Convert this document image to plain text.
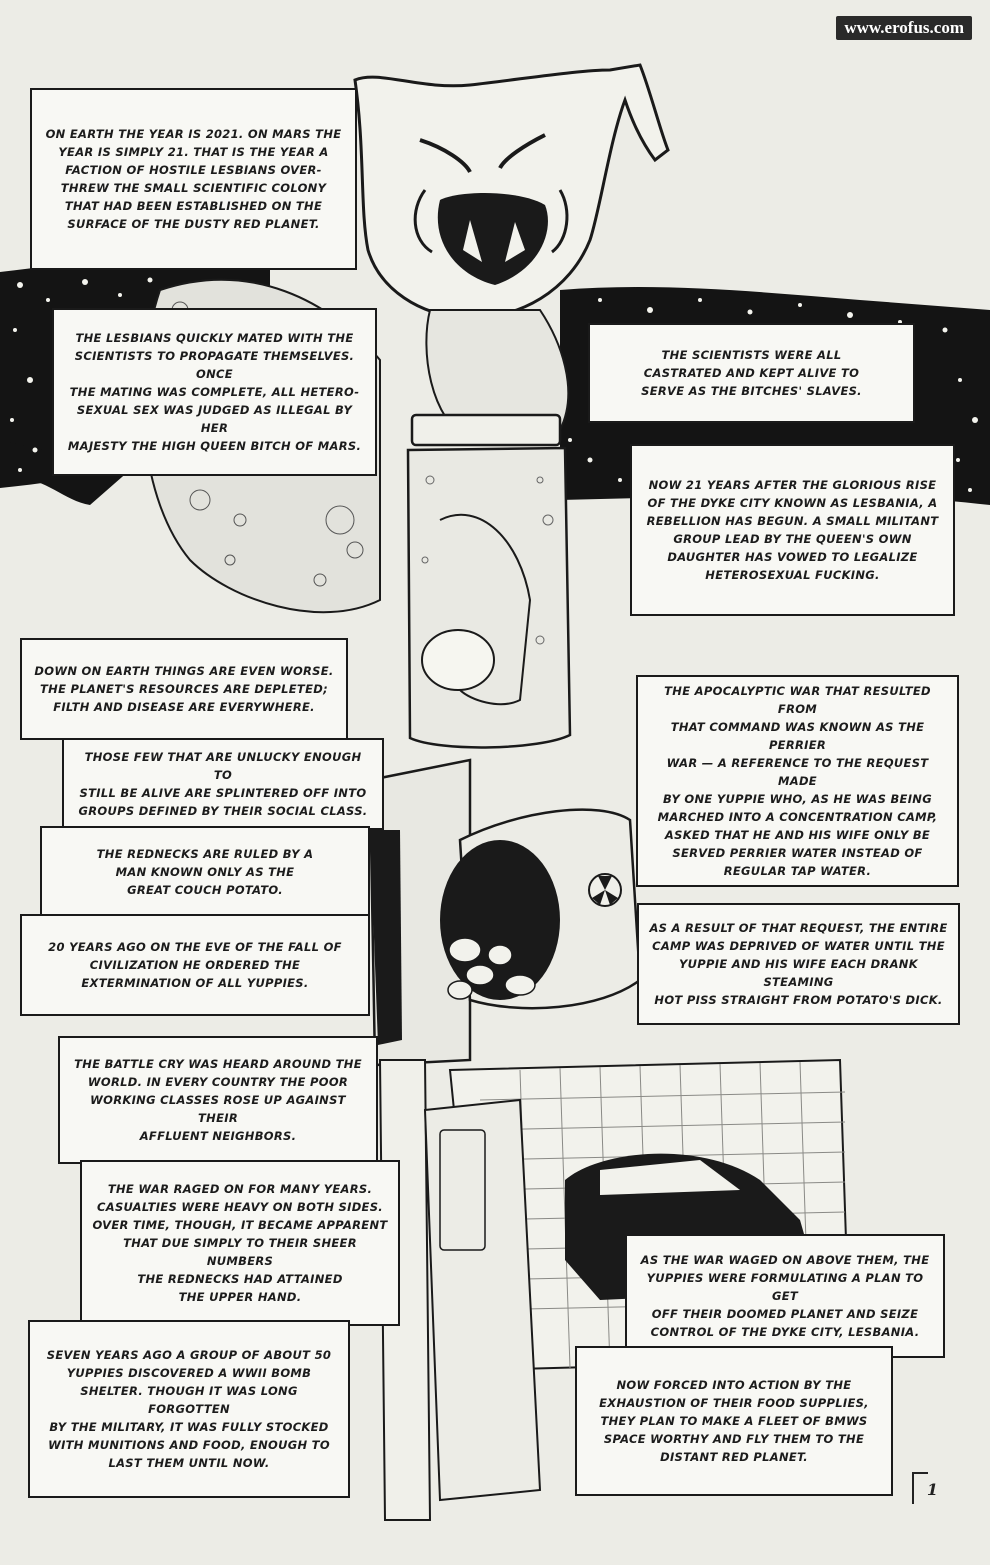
www.erofus.com

ON EARTH THE YEAR IS 2021. ON MARS THE
YEAR IS SIMPLY 21. THAT IS THE YEAR A
FACTION OF HOSTILE LESBIANS OVER-
THREW THE SMALL SCIENTIFIC COLONY
THAT HAD BEEN ESTABLISHED ON THE
SURFACE OF THE DUSTY RED PLANET.

THE LESBIANS QUICKLY MATED WITH THE
SCIENTISTS TO PROPAGATE THEMSELVES. ONCE
THE MATING WAS COMPLETE, ALL HETERO-
SEXUAL SEX WAS JUDGED AS ILLEGAL BY HER
MAJESTY THE HIGH QUEEN BITCH OF MARS.

THE SCIENTISTS WERE ALL
CASTRATED AND KEPT ALIVE TO
SERVE AS THE BITCHES' SLAVES.

NOW 21 YEARS AFTER THE GLORIOUS RISE
OF THE DYKE CITY KNOWN AS LESBANIA, A
REBELLION HAS BEGUN. A SMALL MILITANT
GROUP LEAD BY THE QUEEN'S OWN
DAUGHTER HAS VOWED TO LEGALIZE
HETEROSEXUAL FUCKING.

DOWN ON EARTH THINGS ARE EVEN WORSE.
THE PLANET'S RESOURCES ARE DEPLETED;
FILTH AND DISEASE ARE EVERYWHERE.

THOSE FEW THAT ARE UNLUCKY ENOUGH TO
STILL BE ALIVE ARE SPLINTERED OFF INTO
GROUPS DEFINED BY THEIR SOCIAL CLASS.

THE REDNECKS ARE RULED BY A
MAN KNOWN ONLY AS THE
GREAT COUCH POTATO.

20 YEARS AGO ON THE EVE OF THE FALL OF
CIVILIZATION HE ORDERED THE
EXTERMINATION OF ALL YUPPIES.

THE APOCALYPTIC WAR THAT RESULTED FROM
THAT COMMAND WAS KNOWN AS THE PERRIER
WAR — A REFERENCE TO THE REQUEST MADE
BY ONE YUPPIE WHO, AS HE WAS BEING
MARCHED INTO A CONCENTRATION CAMP,
ASKED THAT HE AND HIS WIFE ONLY BE
SERVED PERRIER WATER INSTEAD OF
REGULAR TAP WATER.

AS A RESULT OF THAT REQUEST, THE ENTIRE
CAMP WAS DEPRIVED OF WATER UNTIL THE
YUPPIE AND HIS WIFE EACH DRANK STEAMING
HOT PISS STRAIGHT FROM POTATO'S DICK.

THE BATTLE CRY WAS HEARD AROUND THE
WORLD. IN EVERY COUNTRY THE POOR
WORKING CLASSES ROSE UP AGAINST THEIR
AFFLUENT NEIGHBORS.

THE WAR RAGED ON FOR MANY YEARS.
CASUALTIES WERE HEAVY ON BOTH SIDES.
OVER TIME, THOUGH, IT BECAME APPARENT
THAT DUE SIMPLY TO THEIR SHEER NUMBERS
THE REDNECKS HAD ATTAINED
THE UPPER HAND.

SEVEN YEARS AGO A GROUP OF ABOUT 50
YUPPIES DISCOVERED A WWII BOMB
SHELTER. THOUGH IT WAS LONG FORGOTTEN
BY THE MILITARY, IT WAS FULLY STOCKED
WITH MUNITIONS AND FOOD, ENOUGH TO
LAST THEM UNTIL NOW.

AS THE WAR WAGED ON ABOVE THEM, THE
YUPPIES WERE FORMULATING A PLAN TO GET
OFF THEIR DOOMED PLANET AND SEIZE
CONTROL OF THE DYKE CITY, LESBANIA.

NOW FORCED INTO ACTION BY THE
EXHAUSTION OF THEIR FOOD SUPPLIES,
THEY PLAN TO MAKE A FLEET OF BMWS
SPACE WORTHY AND FLY THEM TO THE
DISTANT RED PLANET.

1
